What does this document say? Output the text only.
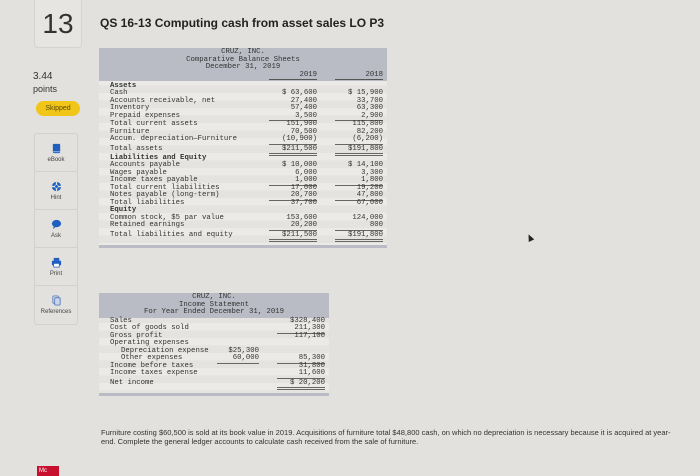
13 QS 16-13 Computing cash from asset sales LO P3
3.44
points
Skipped
eBook
Hint
Ask
Print
References
CRUZ, INC.
Comparative Balance Sheets
December 31, 2019
2019	2018
Assets
Cash	$ 63,600	$ 15,900
Accounts receivable, net	27,400	33,700
Inventory	57,400	63,300
Prepaid expenses	3,500	2,900
Total current assets	151,900	115,800
Furniture	70,500	82,200
Accum. depreciation—Furniture	(10,900)	(6,200)
Total assets	$211,500	$191,800
Liabilities and Equity
Accounts payable	$ 10,000	$ 14,100
Wages payable	6,000	3,300
Income taxes payable	1,000	1,800
Total current liabilities	17,000	19,200
Notes payable (long-term)	20,700	47,800
Total liabilities	37,700	67,000
Equity
Common stock, $5 par value	153,600	124,000
Retained earnings	20,200	800
Total liabilities and equity	$211,500	$191,800
CRUZ, INC.
Income Statement
For Year Ended December 31, 2019
Sales	$328,400
Cost of goods sold	211,300
Gross profit	117,100
Operating expenses
Depreciation expense	$25,300
Other expenses	60,000	85,300
Income before taxes	31,800
Income taxes expense	11,600
Net income	$ 20,200
Furniture costing $60,500 is sold at its book value in 2019. Acquisitions of furniture total $48,800 cash, on which no depreciation is necessary because it is acquired at year-end. Complete the general ledger accounts to calculate cash received from the sale of furniture.
Mc
